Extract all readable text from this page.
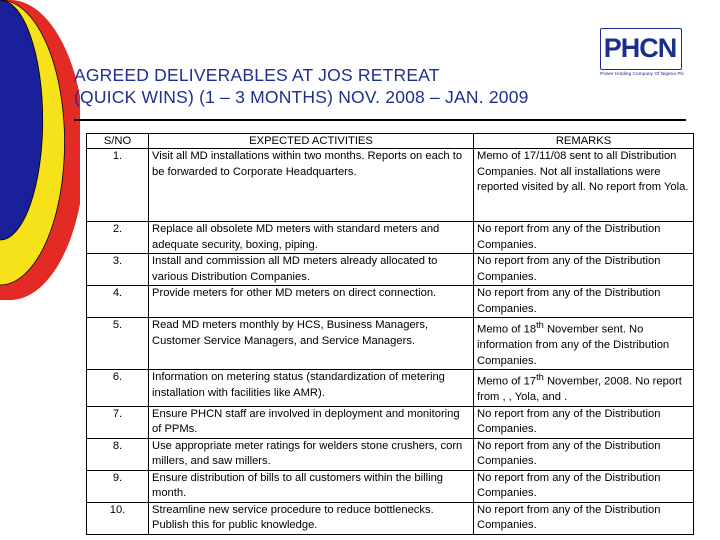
AGREED DELIVERABLES AT JOS RETREAT
(QUICK WINS) (1 – 3 MONTHS) NOV. 2008 – JAN. 2009
PHCN
Power Holding Company Of Nigeria Plc
S/NO	EXPECTED ACTIVITIES	REMARKS
1.	Visit all MD installations within two months. Reports on each to be forwarded to Corporate Headquarters.	Memo of 17/11/08 sent to all Distribution Companies. Not all installations were reported visited by all. No report from Yola.
2.	Replace all obsolete MD meters with standard meters and adequate security, boxing, piping.	No report from any of the Distribution Companies.
3.	Install and commission all MD meters already allocated to various Distribution Companies.	No report from any of the Distribution Companies.
4.	Provide meters for other MD meters on direct connection.	No report from any of the Distribution Companies.
5.	Read MD meters monthly by HCS, Business Managers, Customer Service Managers, and Service Managers.	Memo of 18th November sent. No information from any of the Distribution Companies.
6.	Information on metering status (standardization of metering installation with facilities like AMR).	Memo of 17th November, 2008. No report from , , Yola, and .
7.	Ensure PHCN staff are involved in deployment and monitoring of PPMs.	No report from any of the Distribution Companies.
8.	Use appropriate meter ratings for welders stone crushers, corn millers, and saw millers.	No report from any of the Distribution Companies.
9.	Ensure distribution of bills to all customers within the billing month.	No report from any of the Distribution Companies.
10.	Streamline new service procedure to reduce bottlenecks. Publish this for public knowledge.	No report from any of the Distribution Companies.
